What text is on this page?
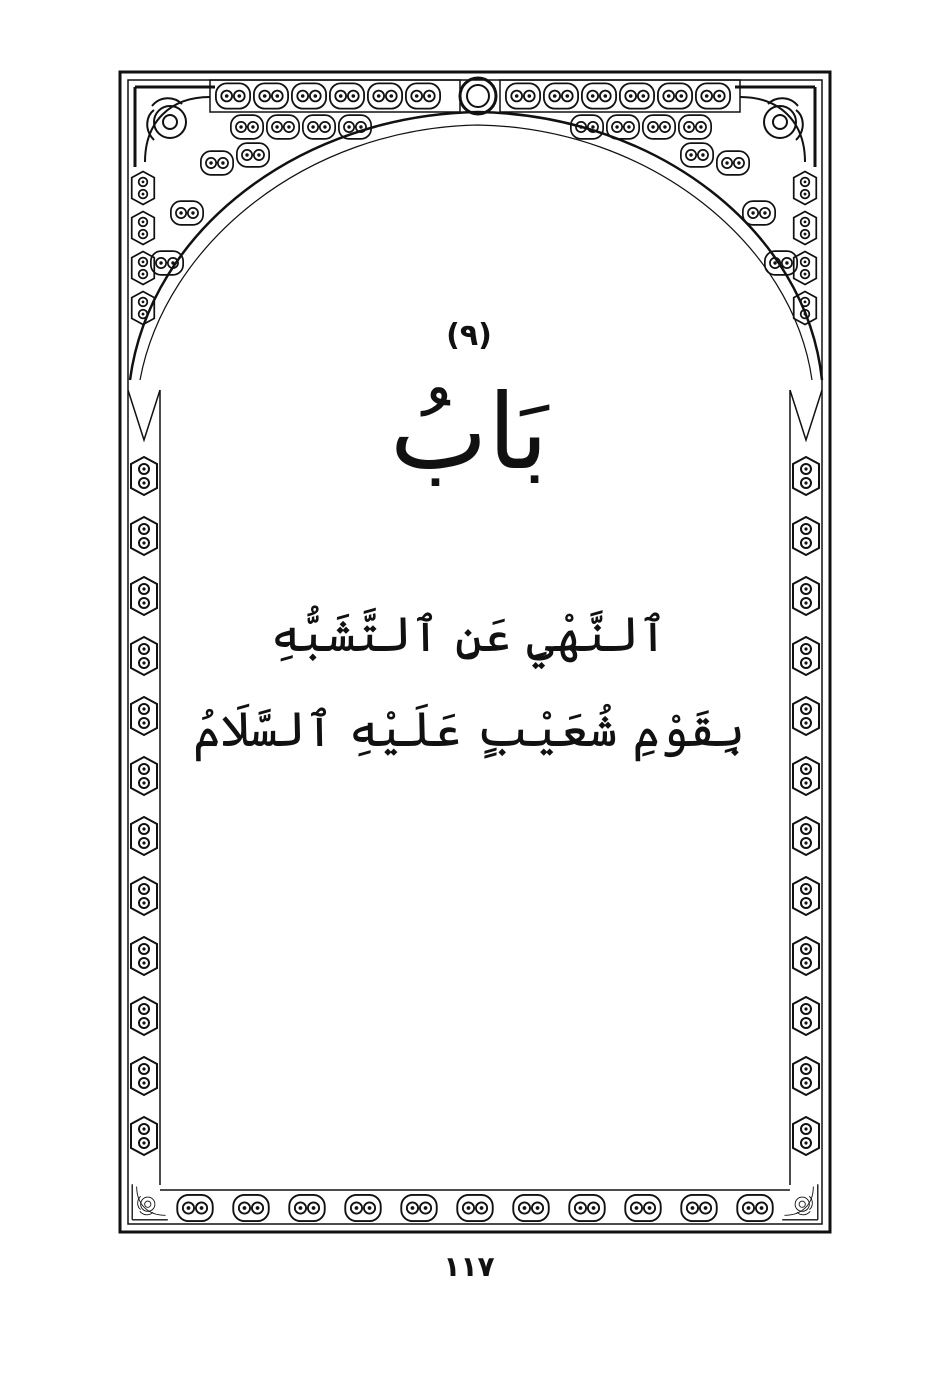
(٩)
بَابُ
ٱلنَّهْيِ عَنِ ٱلتَّشَبُّهِ
بِقَوْمِ شُعَيْبٍ عَلَيْهِ ٱلسَّلَامُ
١١٧
